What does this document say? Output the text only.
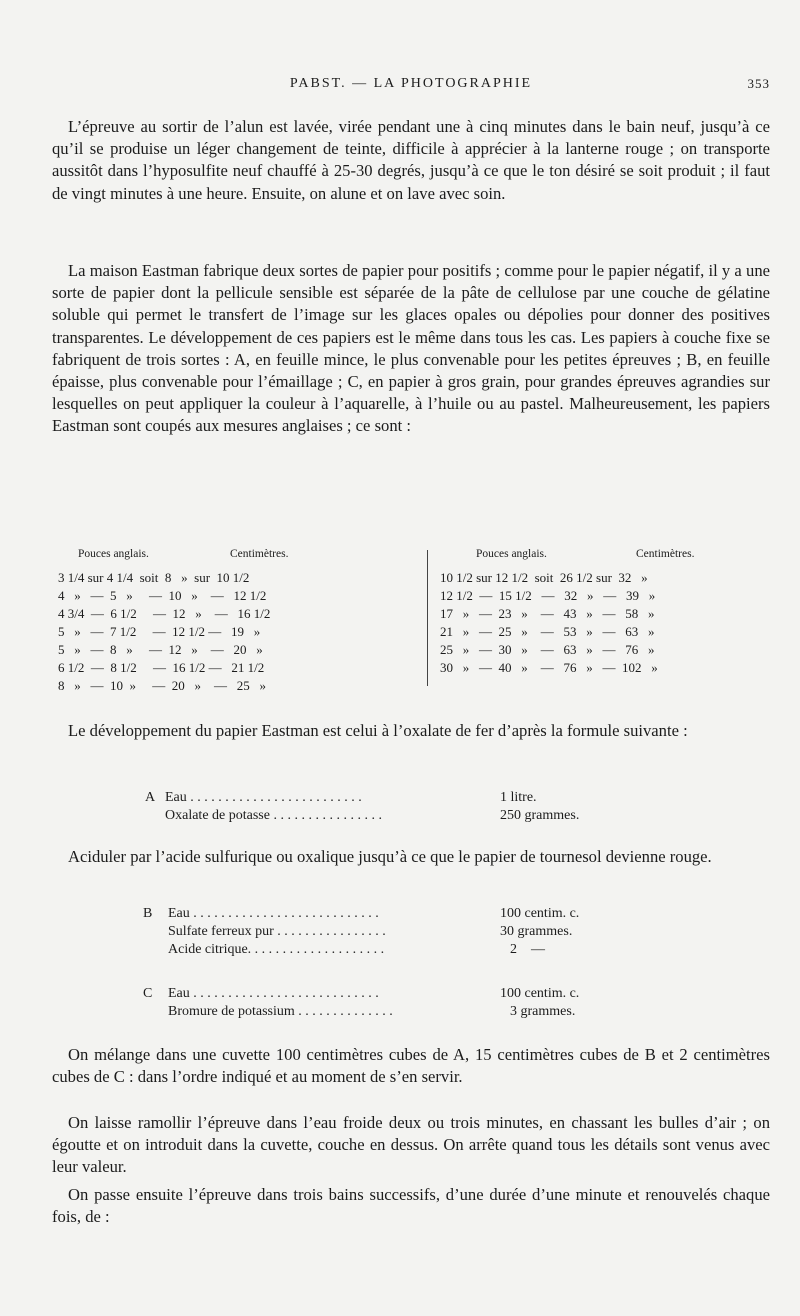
PABST. — LA PHOTOGRAPHIE	353

L’épreuve au sortir de l’alun est lavée, virée pendant une à cinq minutes dans le bain neuf, jusqu’à ce qu’il se produise un léger changement de teinte, difficile à apprécier à la lanterne rouge ; on transporte aussitôt dans l’hyposulfite neuf chauffé à 25-30 degrés, jusqu’à ce que le ton désiré se soit produit ; il faut de vingt minutes à une heure. Ensuite, on alune et on lave avec soin.

La maison Eastman fabrique deux sortes de papier pour positifs ; comme pour le papier négatif, il y a une sorte de papier dont la pellicule sensible est séparée de la pâte de cellulose par une couche de gélatine soluble qui permet le transfert de l’image sur les glaces opales ou dépolies pour donner des positives transparentes. Le développement de ces papiers est le même dans tous les cas. Les papiers à couche fixe se fabriquent de trois sortes : A, en feuille mince, le plus convenable pour les petites épreuves ; B, en feuille épaisse, plus convenable pour l’émaillage ; C, en papier à gros grain, pour grandes épreuves agrandies sur lesquelles on peut appliquer la couleur à l’aquarelle, à l’huile ou au pastel. Malheureusement, les papiers Eastman sont coupés aux mesures anglaises ; ce sont :

Pouces anglais.	Centimètres.	Pouces anglais.	Centimètres.
3 1/4 sur 4 1/4  soit  8   »  sur  10 1/2
4   »   —  5   »     —  10   »    —   12 1/2
4 3/4  —  6 1/2     —  12   »    —   16 1/2
5   »   —  7 1/2     —  12 1/2 —   19   »
5   »   —  8   »     —  12   »    —   20   »
6 1/2  —  8 1/2     —  16 1/2 —   21 1/2
8   »   —  10  »     —  20   »    —   25   »
10 1/2 sur 12 1/2  soit  26 1/2 sur  32   »
12 1/2  —  15 1/2   —   32   »   —   39   »
17   »   —  23   »    —   43   »   —   58   »
21   »   —  25   »    —   53   »   —   63   »
25   »   —  30   »    —   63   »   —   76   »
30   »   —  40   »    —   76   »   —  102   »

Le développement du papier Eastman est celui à l’oxalate de fer d’après la formule suivante :

A Eau . . . . . . . . . . . . . . . . . . . . . . . . .	1 litre.
Oxalate de potasse . . . . . . . . . . . . . . . .	250 grammes.

Aciduler par l’acide sulfurique ou oxalique jusqu’à ce que le papier de tournesol devienne rouge.

B Eau . . . . . . . . . . . . . . . . . . . . . . . . . . .	100 centim. c.
Sulfate ferreux pur . . . . . . . . . . . . . . . .	30 grammes.
Acide citrique. . . . . . . . . . . . . . . . . . . .	2    —
C Eau . . . . . . . . . . . . . . . . . . . . . . . . . . .	100 centim. c.
Bromure de potassium . . . . . . . . . . . . . .	3 grammes.

On mélange dans une cuvette 100 centimètres cubes de A, 15 centimètres cubes de B et 2 centimètres cubes de C : dans l’ordre indiqué et au moment de s’en servir.

On laisse ramollir l’épreuve dans l’eau froide deux ou trois minutes, en chassant les bulles d’air ; on égoutte et on introduit dans la cuvette, couche en dessus. On arrête quand tous les détails sont venus avec leur valeur.

On passe ensuite l’épreuve dans trois bains successifs, d’une durée d’une minute et renouvelés chaque fois, de :
